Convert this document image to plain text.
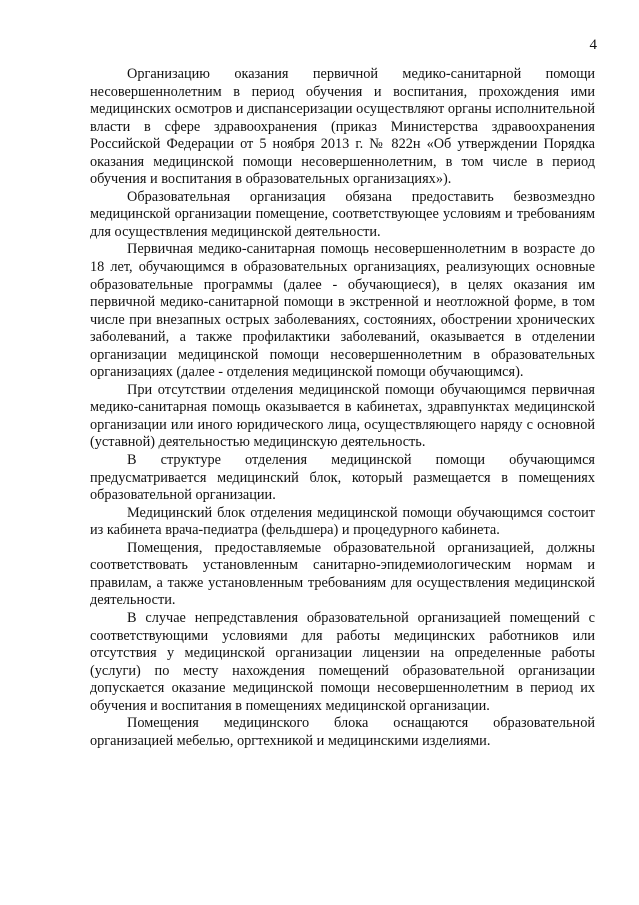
4

Организацию оказания первичной медико-санитарной помощи несовершеннолетним в период обучения и воспитания, прохождения ими медицинских осмотров и диспансеризации осуществляют органы исполнительной власти в сфере здравоохранения (приказ Министерства здравоохранения Российской Федерации от 5 ноября 2013 г. № 822н «Об утверждении Порядка оказания медицинской помощи несовершеннолетним, в том числе в период обучения и воспитания в образовательных организациях»).

Образовательная организация обязана предоставить безвозмездно медицинской организации помещение, соответствующее условиям и требованиям для осуществления медицинской деятельности.

Первичная медико-санитарная помощь несовершеннолетним в возрасте до 18 лет, обучающимся в образовательных организациях, реализующих основные образовательные программы (далее - обучающиеся), в целях оказания им первичной медико-санитарной помощи в экстренной и неотложной форме, в том числе при внезапных острых заболеваниях, состояниях, обострении хронических заболеваний, а также профилактики заболеваний, оказывается в отделении организации медицинской помощи несовершеннолетним в образовательных организациях (далее - отделения медицинской помощи обучающимся).

При отсутствии отделения медицинской помощи обучающимся первичная медико-санитарная помощь оказывается в кабинетах, здравпунктах медицинской организации или иного юридического лица, осуществляющего наряду с основной (уставной) деятельностью медицинскую деятельность.

В структуре отделения медицинской помощи обучающимся предусматривается медицинский блок, который размещается в помещениях образовательной организации.

Медицинский блок отделения медицинской помощи обучающимся состоит из кабинета врача-педиатра (фельдшера) и процедурного кабинета.

Помещения, предоставляемые образовательной организацией, должны соответствовать установленным санитарно-эпидемиологическим нормам и правилам, а также установленным требованиям для осуществления медицинской деятельности.

В случае непредставления образовательной организацией помещений с соответствующими условиями для работы медицинских работников или отсутствия у медицинской организации лицензии на определенные работы (услуги) по месту нахождения помещений образовательной организации допускается оказание медицинской помощи несовершеннолетним в период их обучения и воспитания в помещениях медицинской организации.

Помещения медицинского блока оснащаются образовательной организацией мебелью, оргтехникой и медицинскими изделиями.
